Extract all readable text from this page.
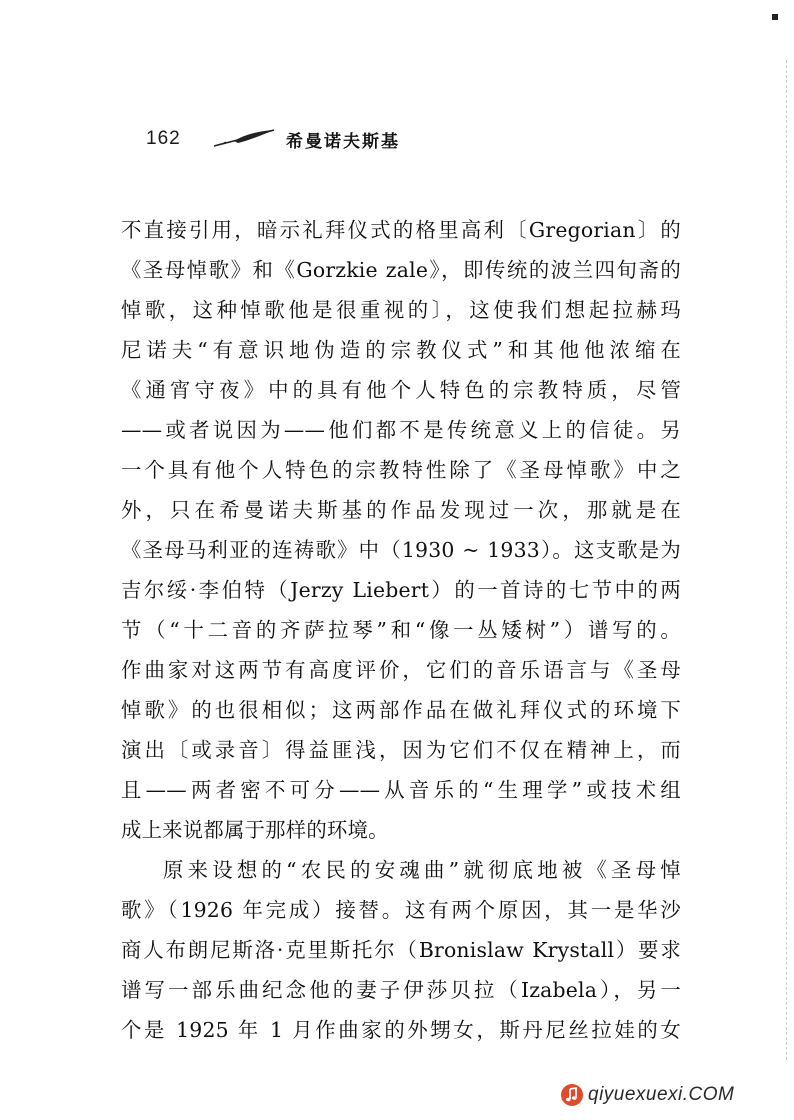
162	希曼诺夫斯基
不直接引用，暗示礼拜仪式的格里高利〔Gregorian〕的
《圣母悼歌》和《Gorzkie zale》，即传统的波兰四旬斋的
悼歌，这种悼歌他是很重视的〕，这使我们想起拉赫玛
尼诺夫“有意识地伪造的宗教仪式”和其他他浓缩在
《通宵守夜》中的具有他个人特色的宗教特质，尽管
——或者说因为——他们都不是传统意义上的信徒。另
一个具有他个人特色的宗教特性除了《圣母悼歌》中之
外，只在希曼诺夫斯基的作品发现过一次，那就是在
《圣母马利亚的连祷歌》中（1930 ~ 1933）。这支歌是为
吉尔绥·李伯特（Jerzy Liebert）的一首诗的七节中的两
节（“十二音的齐萨拉琴”和“像一丛矮树”）谱写的。
作曲家对这两节有高度评价，它们的音乐语言与《圣母
悼歌》的也很相似；这两部作品在做礼拜仪式的环境下
演出〔或录音〕得益匪浅，因为它们不仅在精神上，而
且——两者密不可分——从音乐的“生理学”或技术组
成上来说都属于那样的环境。
原来设想的“农民的安魂曲”就彻底地被《圣母悼
歌》（1926 年完成）接替。这有两个原因，其一是华沙
商人布朗尼斯洛·克里斯托尔（Bronislaw Krystall）要求
谱写一部乐曲纪念他的妻子伊莎贝拉（Izabela），另一
个是 1925 年 1 月作曲家的外甥女，斯丹尼丝拉娃的女
qiyuexuexi.COM
